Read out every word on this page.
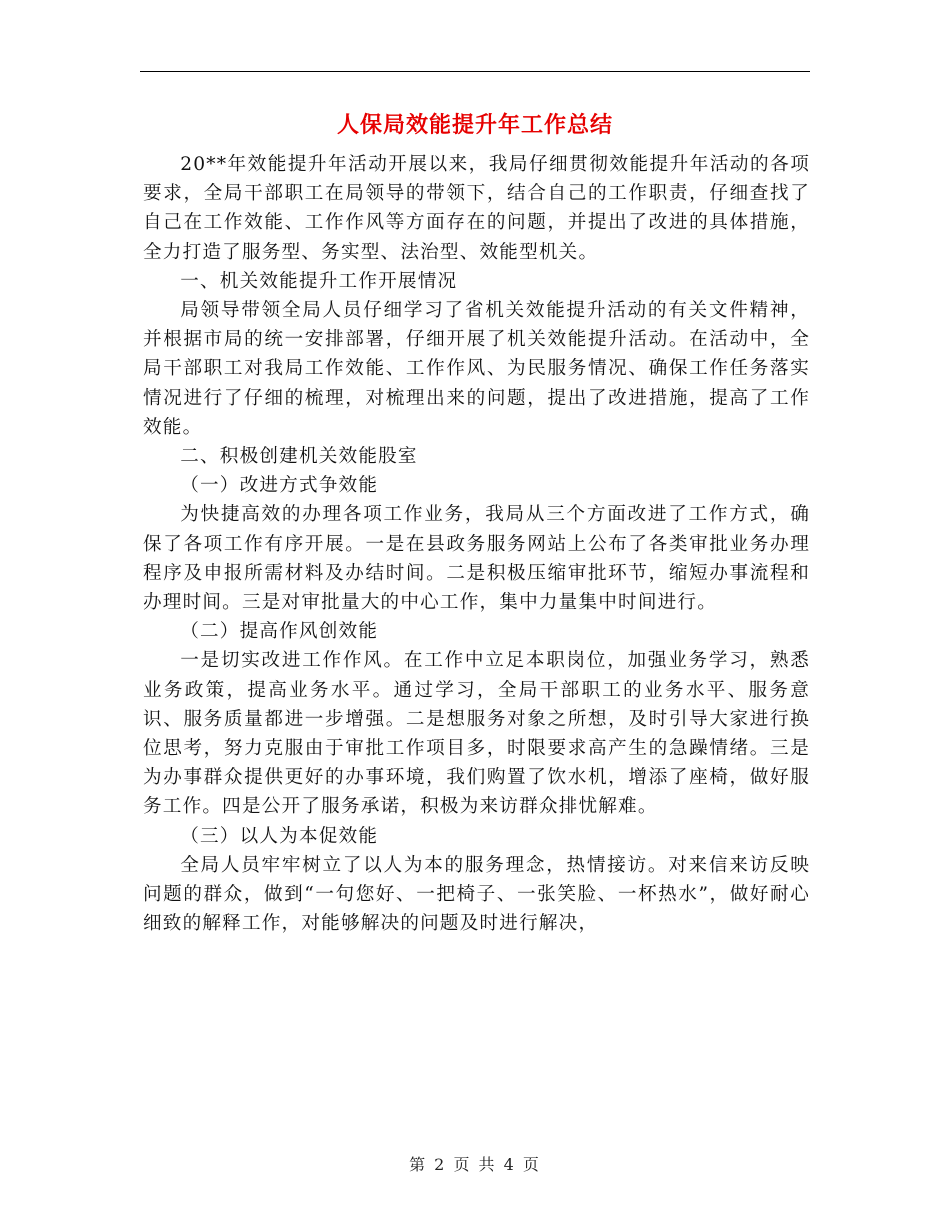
人保局效能提升年工作总结

20**年效能提升年活动开展以来，我局仔细贯彻效能提升年活动的各项要求，全局干部职工在局领导的带领下，结合自己的工作职责，仔细查找了自己在工作效能、工作作风等方面存在的问题，并提出了改进的具体措施，全力打造了服务型、务实型、法治型、效能型机关。

一、机关效能提升工作开展情况

局领导带领全局人员仔细学习了省机关效能提升活动的有关文件精神，并根据市局的统一安排部署，仔细开展了机关效能提升活动。在活动中，全局干部职工对我局工作效能、工作作风、为民服务情况、确保工作任务落实情况进行了仔细的梳理，对梳理出来的问题，提出了改进措施，提高了工作效能。

二、积极创建机关效能股室

（一）改进方式争效能

为快捷高效的办理各项工作业务，我局从三个方面改进了工作方式，确保了各项工作有序开展。一是在县政务服务网站上公布了各类审批业务办理程序及申报所需材料及办结时间。二是积极压缩审批环节，缩短办事流程和办理时间。三是对审批量大的中心工作，集中力量集中时间进行。

（二）提高作风创效能

一是切实改进工作作风。在工作中立足本职岗位，加强业务学习，熟悉业务政策，提高业务水平。通过学习，全局干部职工的业务水平、服务意识、服务质量都进一步增强。二是想服务对象之所想，及时引导大家进行换位思考，努力克服由于审批工作项目多，时限要求高产生的急躁情绪。三是为办事群众提供更好的办事环境，我们购置了饮水机，增添了座椅，做好服务工作。四是公开了服务承诺，积极为来访群众排忧解难。

（三）以人为本促效能

全局人员牢牢树立了以人为本的服务理念，热情接访。对来信来访反映问题的群众，做到“一句您好、一把椅子、一张笑脸、一杯热水”，做好耐心细致的解释工作，对能够解决的问题及时进行解决，

第 2 页 共 4 页
